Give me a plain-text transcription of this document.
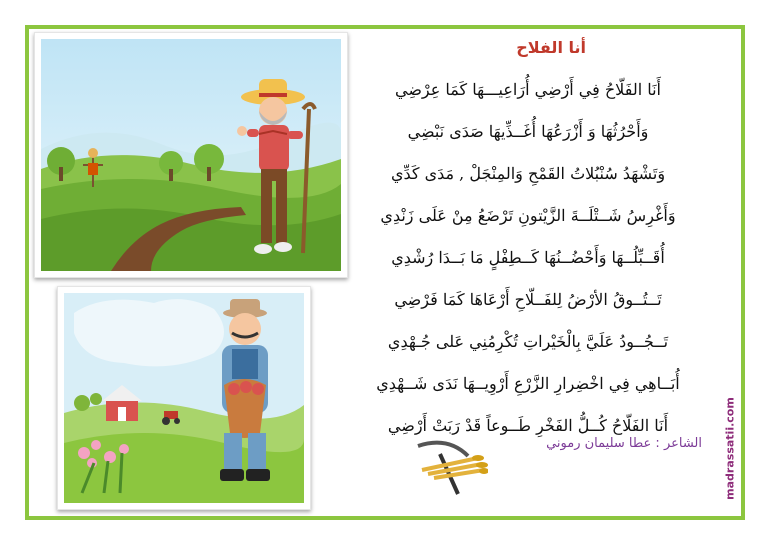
أنا الفلاح
أَنَا الفَلّاحُ فِي أَرْضِي أُرَاعِيـــهَا كَمَا عِرْضِي
وَأَحْرُثُهَا وَ أَزْرَعُهَا أُغَــذِّيهَا صَدَى نَبْضِي
وَتَشْهَدُ سُنْبُلاتُ القَمْحِ وَالمِنْجَلْ , مَدَى كَدِّي
وَأَغْرِسُ شَــتْلَــةَ الزَّيْتونِ تَرْضَعُ مِنْ عَلَى زَنْدِي
أُقَــبِّلُــهَا وَأَحْضُــنُهَا كَــطِفْلٍ مَا بَــدَا رُشْدِي
تَــتُــوقُ الأرْضُ لِلفَــلّاحِ أَرْعَاهَا كَمَا فَرْضِي
تَــجُــودُ عَلَيَّ بِالْخَيْراتِ تُكْرِمُنِي عَلى جُـهْدِي
أُبَــاهِي فِي اخْضِرارِ الزَّرْعِ أَرْوِيــهَا نَدَى شَــهْدِي
أَنَا الفَلّاحُ كُــلُّ الفَخْرِ طَــوعاً قَدْ رَبَتْ أَرْضِي
الشاعر : عطا سليمان رموني madrassatii.com
